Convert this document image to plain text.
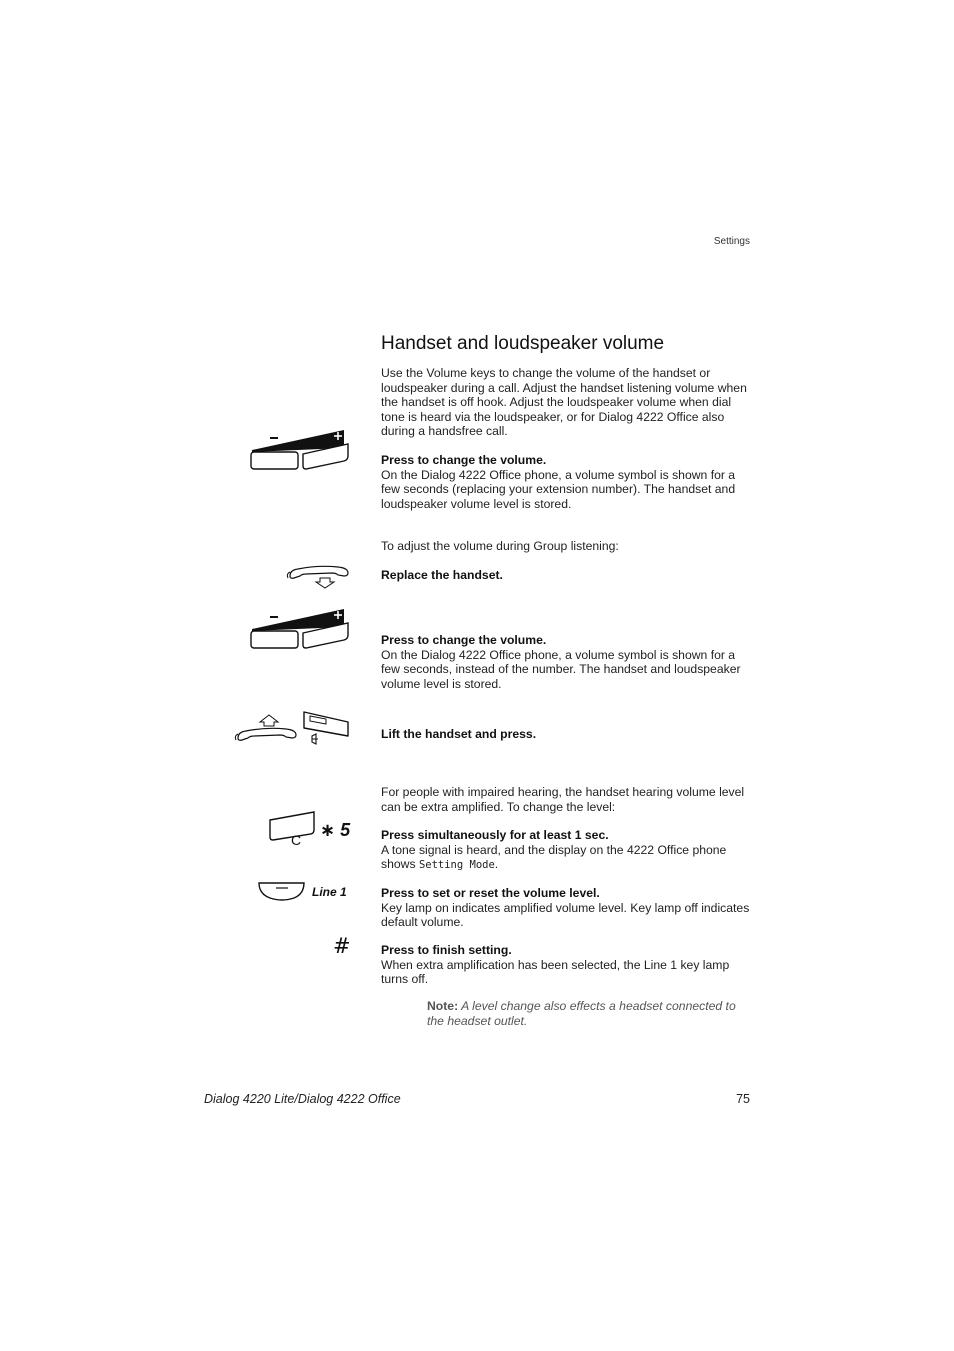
Settings
Handset and loudspeaker volume
Use the Volume keys to change the volume of the handset or loudspeaker during a call. Adjust the handset listening volume when the handset is off hook. Adjust the loudspeaker volume when dial tone is heard via the loudspeaker, or for Dialog 4222 Office also during a handsfree call.
Press to change the volume.
On the Dialog 4222 Office phone, a volume symbol is shown for a few seconds (replacing your extension number). The handset and loudspeaker volume level is stored.
To adjust the volume during Group listening:
Replace the handset.
Press to change the volume.
On the Dialog 4222 Office phone, a volume symbol is shown for a few seconds, instead of the number. The handset and loudspeaker volume level is stored.
Lift the handset and press.
For people with impaired hearing, the handset hearing volume level can be extra amplified. To change the level:
C ∗ 5	Press simultaneously for at least 1 sec.
A tone signal is heard, and the display on the 4222 Office phone shows Setting Mode.
Line 1	Press to set or reset the volume level.
Key lamp on indicates amplified volume level. Key lamp off indicates default volume.
# Press to finish setting.
When extra amplification has been selected, the Line 1 key lamp turns off.
Note: A level change also effects a headset connected to the headset outlet.
Dialog 4220 Lite/Dialog 4222 Office	75
